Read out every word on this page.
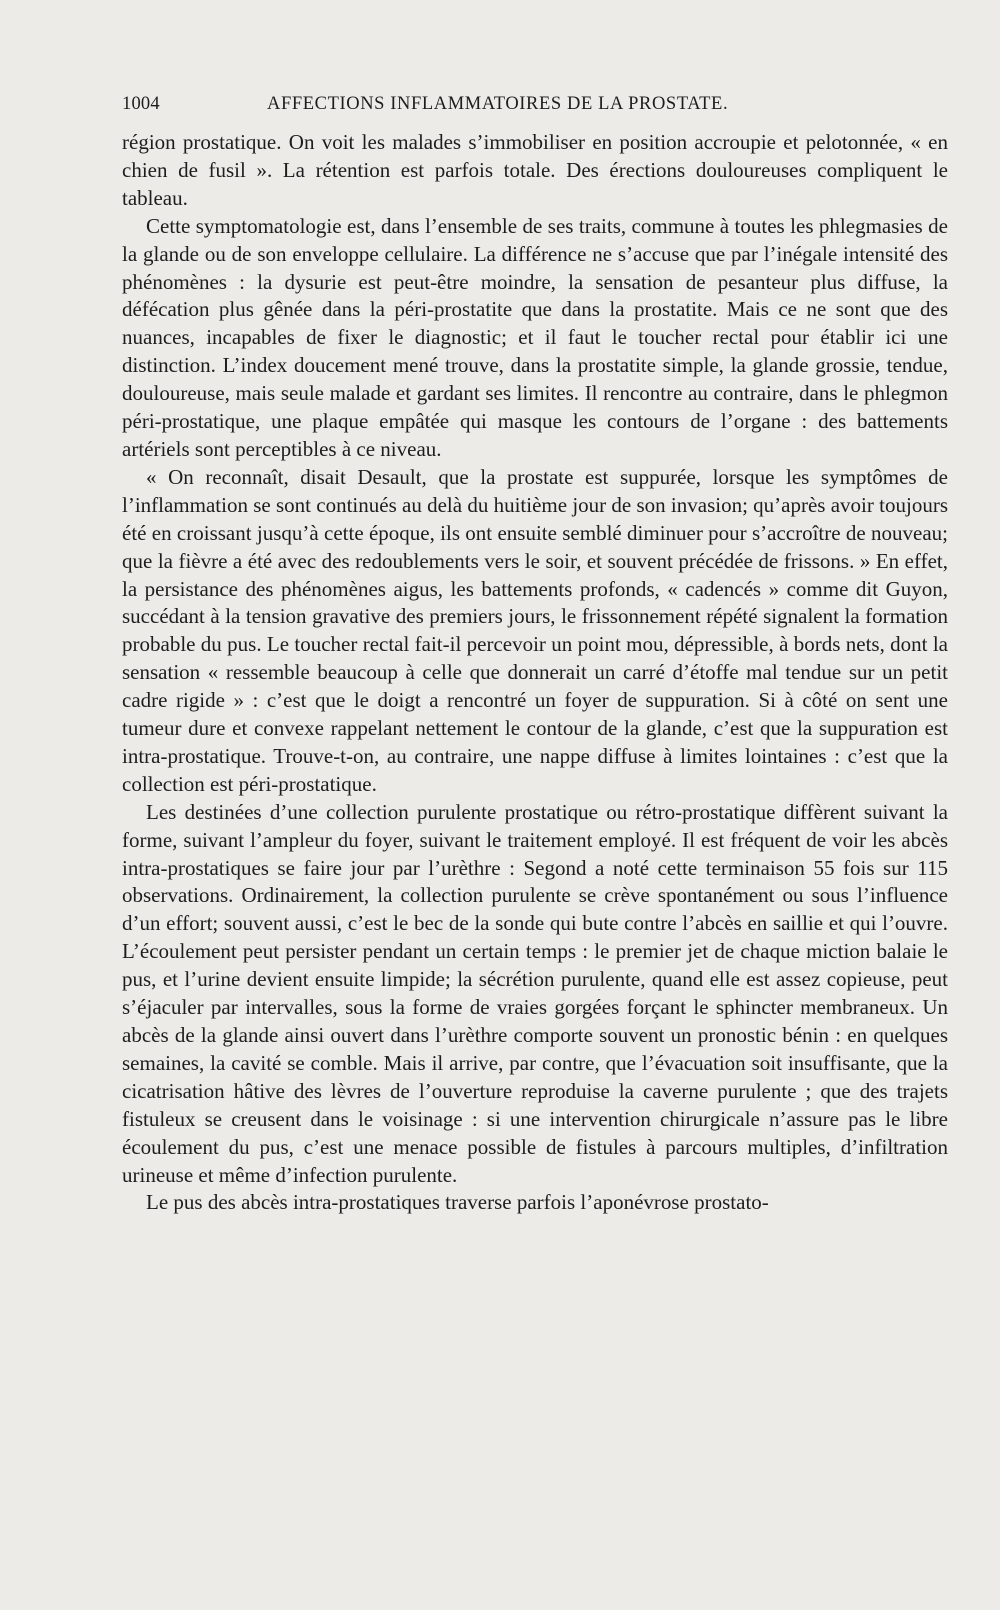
1004	AFFECTIONS INFLAMMATOIRES DE LA PROSTATE.

région prostatique. On voit les malades s’immobiliser en position accroupie et pelotonnée, « en chien de fusil ». La rétention est parfois totale. Des érections douloureuses compliquent le tableau.

Cette symptomatologie est, dans l’ensemble de ses traits, commune à toutes les phlegmasies de la glande ou de son enveloppe cellulaire. La différence ne s’accuse que par l’inégale intensité des phénomènes : la dysurie est peut-être moindre, la sensation de pesanteur plus diffuse, la défécation plus gênée dans la péri-prostatite que dans la prostatite. Mais ce ne sont que des nuances, incapables de fixer le diagnostic; et il faut le toucher rectal pour établir ici une distinction. L’index doucement mené trouve, dans la prostatite simple, la glande grossie, tendue, douloureuse, mais seule malade et gardant ses limites. Il rencontre au contraire, dans le phlegmon péri-prostatique, une plaque empâtée qui masque les contours de l’organe : des battements artériels sont perceptibles à ce niveau.

« On reconnaît, disait Desault, que la prostate est suppurée, lorsque les symptômes de l’inflammation se sont continués au delà du huitième jour de son invasion; qu’après avoir toujours été en croissant jusqu’à cette époque, ils ont ensuite semblé diminuer pour s’accroître de nouveau; que la fièvre a été avec des redoublements vers le soir, et souvent précédée de frissons. » En effet, la persistance des phénomènes aigus, les battements profonds, « cadencés » comme dit Guyon, succédant à la tension gravative des premiers jours, le frissonnement répété signalent la formation probable du pus. Le toucher rectal fait-il percevoir un point mou, dépressible, à bords nets, dont la sensation « ressemble beaucoup à celle que donnerait un carré d’étoffe mal tendue sur un petit cadre rigide » : c’est que le doigt a rencontré un foyer de suppuration. Si à côté on sent une tumeur dure et convexe rappelant nettement le contour de la glande, c’est que la suppuration est intra-prostatique. Trouve-t-on, au contraire, une nappe diffuse à limites lointaines : c’est que la collection est péri-prostatique.

Les destinées d’une collection purulente prostatique ou rétro-prostatique diffèrent suivant la forme, suivant l’ampleur du foyer, suivant le traitement employé. Il est fréquent de voir les abcès intra-prostatiques se faire jour par l’urèthre : Segond a noté cette terminaison 55 fois sur 115 observations. Ordinairement, la collection purulente se crève spontanément ou sous l’influence d’un effort; souvent aussi, c’est le bec de la sonde qui bute contre l’abcès en saillie et qui l’ouvre. L’écoulement peut persister pendant un certain temps : le premier jet de chaque miction balaie le pus, et l’urine devient ensuite limpide; la sécrétion purulente, quand elle est assez copieuse, peut s’éjaculer par intervalles, sous la forme de vraies gorgées forçant le sphincter membraneux. Un abcès de la glande ainsi ouvert dans l’urèthre comporte souvent un pronostic bénin : en quelques semaines, la cavité se comble. Mais il arrive, par contre, que l’évacuation soit insuffisante, que la cicatrisation hâtive des lèvres de l’ouverture reproduise la caverne purulente ; que des trajets fistuleux se creusent dans le voisinage : si une intervention chirurgicale n’assure pas le libre écoulement du pus, c’est une menace possible de fistules à parcours multiples, d’infiltration urineuse et même d’infection purulente.

Le pus des abcès intra-prostatiques traverse parfois l’aponévrose prostato-
